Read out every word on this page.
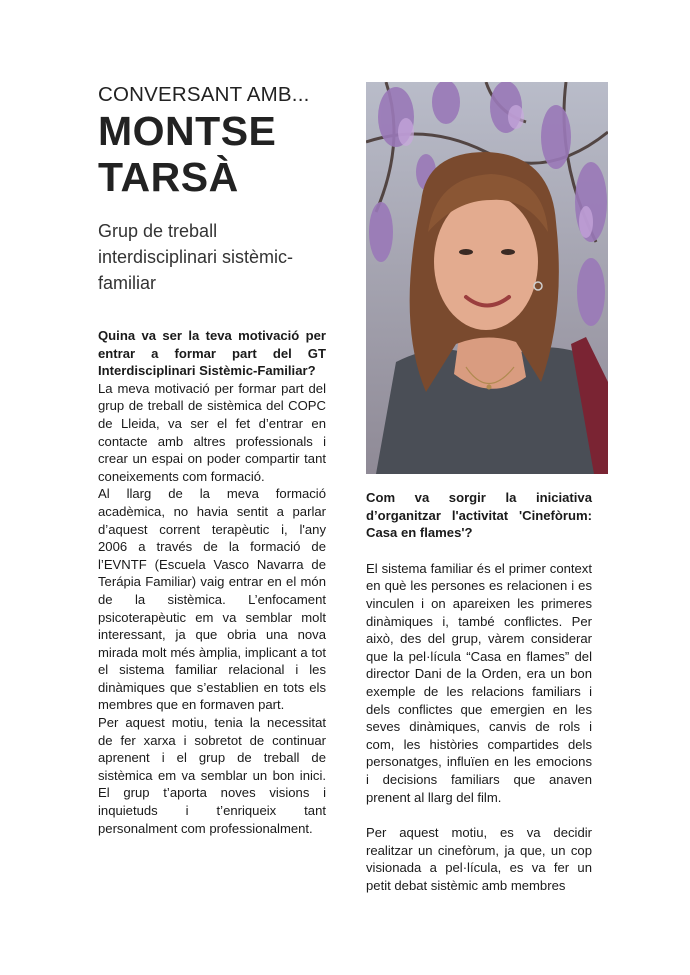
CONVERSANT AMB...
MONTSE
TARSÀ
Grup de treball interdisciplinari sistèmic-familiar

Quina va ser la teva motivació per entrar a formar part del GT Interdisciplinari Sistèmic-Familiar?

La meva motivació per formar part del grup de treball de sistèmica del COPC de Lleida, va ser el fet d’entrar en contacte amb altres professionals i crear un espai on poder compartir tant coneixements com formació.

Al llarg de la meva formació acadèmica, no havia sentit a parlar d’aquest corrent terapèutic i, l'any 2006 a través de la formació de l’EVNTF (Escuela Vasco Navarra de Terápia Familiar) vaig entrar en el món de la sistèmica. L’enfocament psicoterapèutic em va semblar molt interessant, ja que obria una nova mirada molt més àmplia, implicant a tot el sistema familiar relacional i les dinàmiques que s’establien en tots els membres que en formaven part.

Per aquest motiu, tenia la necessitat de fer xarxa i sobretot de continuar aprenent i el grup de treball de sistèmica em va semblar un bon inici. El grup t’aporta noves visions i inquietuds i t’enriqueix tant personalment com professionalment.

Com va sorgir la iniciativa d’organitzar l'activitat 'Cinefòrum: Casa en flames'?

El sistema familiar és el primer context en què les persones es relacionen i es vinculen i on apareixen les primeres dinàmiques i, també conflictes. Per això, des del grup, vàrem considerar que la pel·lícula “Casa en flames” del director Dani de la Orden, era un bon exemple de les relacions familiars i dels conflictes que emergien en les seves dinàmiques, canvis de rols i com, les històries compartides dels personatges, influïen en les emocions i decisions familiars que anaven prenent al llarg del film.

Per aquest motiu, es va decidir realitzar un cinefòrum, ja que, un cop visionada a pel·lícula, es va fer un petit debat sistèmic amb membres
